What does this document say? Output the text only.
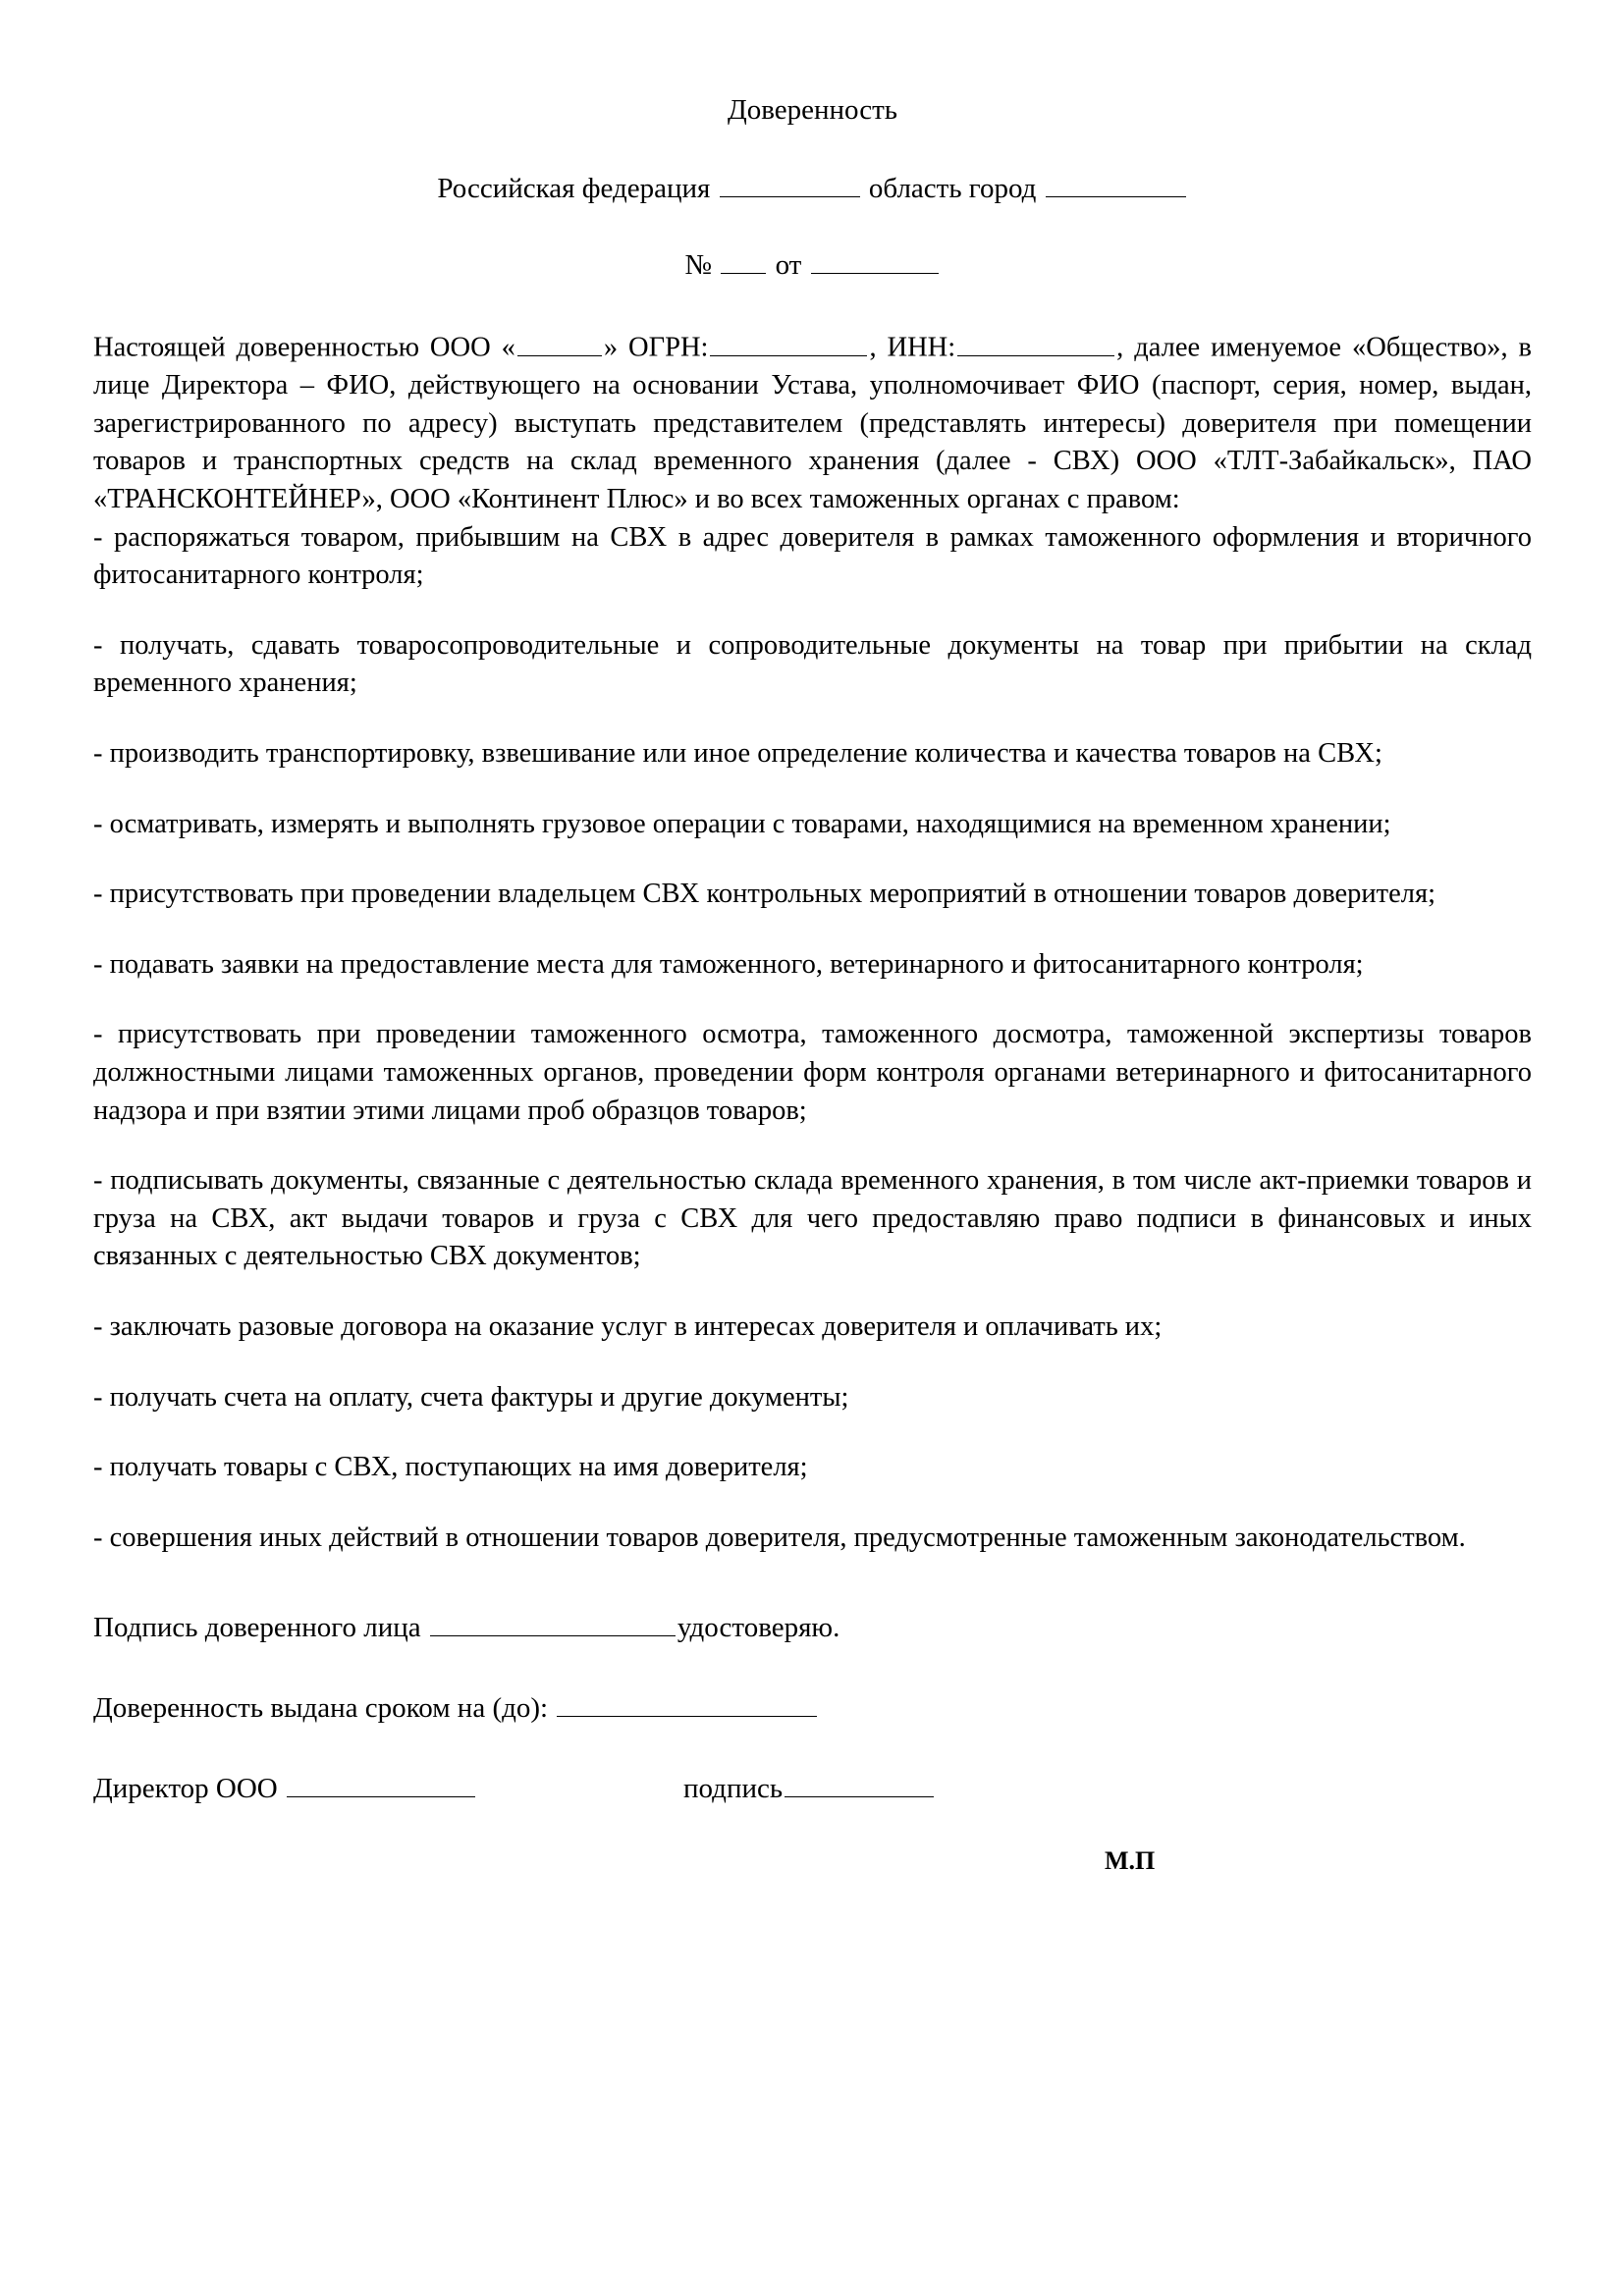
Доверенность
Российская федерация	область город
№ от

Настоящей доверенностью ООО «	» ОГРН:	, ИНН:	, далее именуемое «Общество», в лице Директора – ФИО, действующего на основании Устава, уполномочивает ФИО (паспорт, серия, номер, выдан, зарегистрированного по адресу) выступать представителем (представлять интересы) доверителя при помещении товаров и транспортных средств на склад временного хранения (далее - СВХ) ООО «ТЛТ-Забайкальск», ПАО «ТРАНСКОНТЕЙНЕР», ООО «Континент Плюс» и во всех таможенных органах с правом:

- распоряжаться товаром, прибывшим на СВХ в адрес доверителя в рамках таможенного оформления и вторичного фитосанитарного контроля;

- получать, сдавать товаросопроводительные и сопроводительные документы на товар при прибытии на склад временного хранения;

- производить транспортировку, взвешивание или иное определение количества и качества товаров на СВХ;

- осматривать, измерять и выполнять грузовое операции с товарами, находящимися на временном хранении;

- присутствовать при проведении владельцем СВХ контрольных мероприятий в отношении товаров доверителя;

- подавать заявки на предоставление места для таможенного, ветеринарного и фитосанитарного контроля;

- присутствовать при проведении таможенного осмотра, таможенного досмотра, таможенной экспертизы товаров должностными лицами таможенных органов, проведении форм контроля органами ветеринарного и фитосанитарного надзора и при взятии этими лицами проб образцов товаров;

- подписывать документы, связанные с деятельностью склада временного хранения, в том числе акт-приемки товаров и груза на СВХ, акт выдачи товаров и груза с СВХ для чего предоставляю право подписи в финансовых и иных связанных с деятельностью СВХ документов;

- заключать разовые договора на оказание услуг в интересах доверителя и оплачивать их;

- получать счета на оплату, счета фактуры и другие документы;

- получать товары с СВХ, поступающих на имя доверителя;

- совершения иных действий в отношении товаров доверителя, предусмотренные таможенным законодательством.

Подпись доверенного лица	удостоверяю.

Доверенность выдана сроком на (до):

Директор ООО	подпись

М.П
